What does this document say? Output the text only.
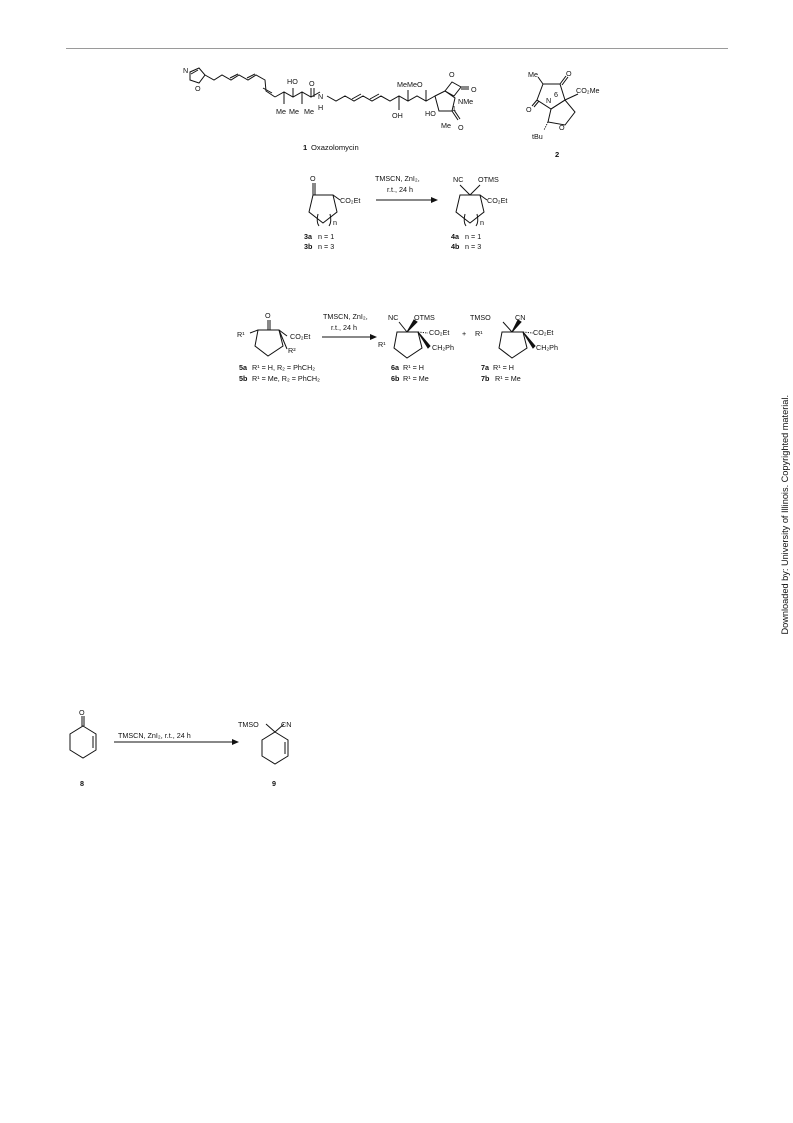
N
O
HO O
N
H
Me Me Me	OH
MeMeO
O
O
NMe
1
HO
Me O
1 Oxazolomycin
Me	O
O
N
6	CO₂Me
O
tBu
2
O
CO₂Et
n
TMSCN, ZnI₂,
r.t., 24 h
NC OTMS
CO₂Et
n
3a n = 1
3b n = 3
4a n = 1
4b n = 3
O
R¹	CO₂Et
R²
TMSCN, ZnI₂,
r.t., 24 h
NC OTMS
R¹
CO₂Et
CH₂Ph
+
TMSO	CN
R¹	CO₂Et
CH₂Ph
5a R¹ = H, R₂ = PhCH₂
5b R¹ = Me, R₂ = PhCH₂
6a R¹ = H
6b R¹ = Me
7a R¹ = H
7b R¹ = Me
O
8
TMSCN, ZnI₂, r.t., 24 h
TMSO	CN
9
Downloaded by: University of Illinois. Copyrighted material.
